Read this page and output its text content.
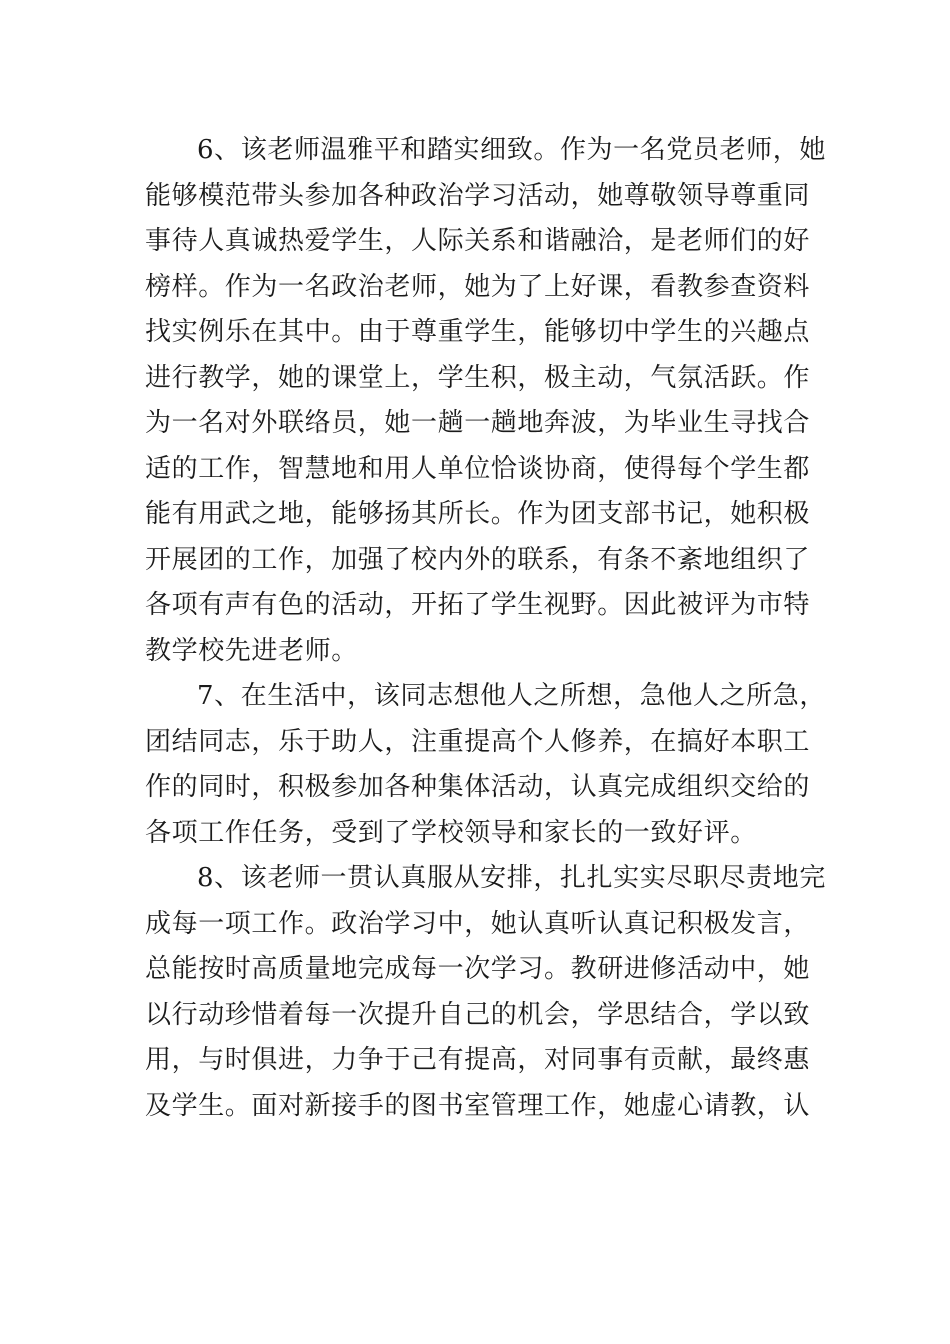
6、该老师温雅平和踏实细致。作为一名党员老师，她
能够模范带头参加各种政治学习活动，她尊敬领导尊重同
事待人真诚热爱学生，人际关系和谐融洽，是老师们的好
榜样。作为一名政治老师，她为了上好课，看教参查资料
找实例乐在其中。由于尊重学生，能够切中学生的兴趣点
进行教学，她的课堂上，学生积，极主动，气氛活跃。作
为一名对外联络员，她一趟一趟地奔波，为毕业生寻找合
适的工作，智慧地和用人单位恰谈协商，使得每个学生都
能有用武之地，能够扬其所长。作为团支部书记，她积极
开展团的工作，加强了校内外的联系，有条不紊地组织了
各项有声有色的活动，开拓了学生视野。因此被评为市特
教学校先进老师。
7、在生活中，该同志想他人之所想，急他人之所急，
团结同志，乐于助人，注重提高个人修养，在搞好本职工
作的同时，积极参加各种集体活动，认真完成组织交给的
各项工作任务，受到了学校领导和家长的一致好评。
8、该老师一贯认真服从安排，扎扎实实尽职尽责地完
成每一项工作。政治学习中，她认真听认真记积极发言，
总能按时高质量地完成每一次学习。教研进修活动中，她
以行动珍惜着每一次提升自己的机会，学思结合，学以致
用，与时俱进，力争于己有提高，对同事有贡献，最终惠
及学生。面对新接手的图书室管理工作，她虚心请教，认
